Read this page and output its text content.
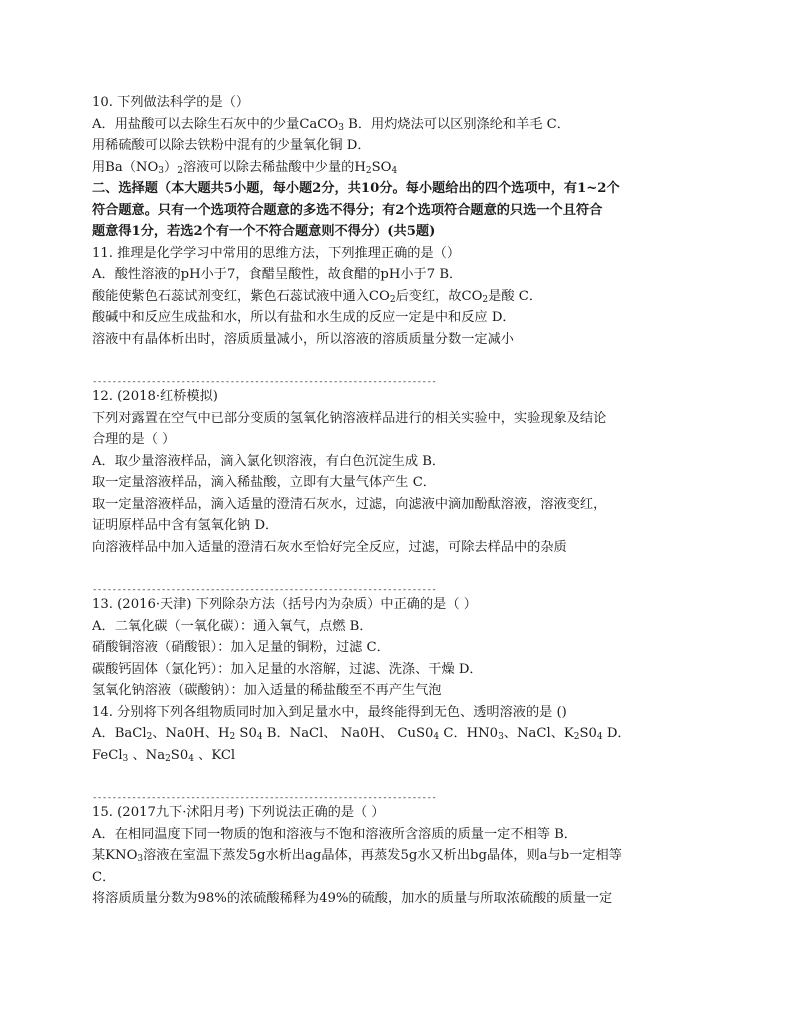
10. 下列做法科学的是（）
A．用盐酸可以去除生石灰中的少量CaCO$_3$ B．用灼烧法可以区别涤纶和羊毛 C．
用稀硫酸可以除去铁粉中混有的少量氧化铜 D．
用$Ba(NO_3)_2$溶液可以除去稀盐酸中少量的$H_2SO_4$
二、选择题（本大题共5小题，每小题2分，共10分。每小题给出的四个选项中，有1~2个
符合题意。只有一个选项符合题意的多选不得分；有2个选项符合题意的只选一个且符合
题意得1分，若选2个有一个不符合题意则不得分）(共5题)
11. 推理是化学学习中常用的思维方法，下列推理正确的是（）
A．酸性溶液的pH小于7，食醋呈酸性，故食醋的pH小于7 B．
酸能使紫色石蕊试剂变红，紫色石蕊试液中通入$CO_2$后变红，故$CO_2$是酸 C．
酸碱中和反应生成盐和水，所以有盐和水生成的反应一定是中和反应 D．
溶液中有晶体析出时，溶质质量减小，所以溶液的溶质质量分数一定减小
----------------------------------------------------------------------
12. (2018·红桥模拟)
下列对露置在空气中已部分变质的氢氧化钠溶液样品进行的相关实验中，实验现象及结论
合理的是（ ）
A．取少量溶液样品，滴入氯化钡溶液，有白色沉淀生成 B．
取一定量溶液样品，滴入稀盐酸，立即有大量气体产生 C．
取一定量溶液样品，滴入适量的澄清石灰水，过滤，向滤液中滴加酚酞溶液，溶液变红，
证明原样品中含有氢氧化钠 D．
向溶液样品中加入适量的澄清石灰水至恰好完全反应，过滤，可除去样品中的杂质
----------------------------------------------------------------------
13. (2016·天津) 下列除杂方法（括号内为杂质）中正确的是（ ）
A．二氧化碳（一氧化碳）：通入氧气，点燃 B．
硝酸铜溶液（硝酸银）：加入足量的铜粉，过滤 C．
碳酸钙固体（氯化钙）：加入足量的水溶解，过滤、洗涤、干燥 D．
氢氧化钠溶液（碳酸钠）：加入适量的稀盐酸至不再产生气泡
14. 分别将下列各组物质同时加入到足量水中，最终能得到无色、透明溶液的是 ()
A．BaCl$_2$、Na0H、$H_2$ $S0_4$ B．NaCl、 Na0H、 $CuS0_4$ C．$HN0_3$、NaCl、$K_2S0_4$ D．
FeCl$_3$ 、$Na_2S0_4$ 、KCl
----------------------------------------------------------------------
15. (2017九下·沭阳月考) 下列说法正确的是（ ）
A．在相同温度下同一物质的饱和溶液与不饱和溶液所含溶质的质量一定不相等 B．
某$KNO_3$溶液在室温下蒸发5g水析出ag晶体，再蒸发5g水又析出bg晶体，则a与b一定相等
C．
将溶质质量分数为98%的浓硫酸稀释为49%的硫酸，加水的质量与所取浓硫酸的质量一定
